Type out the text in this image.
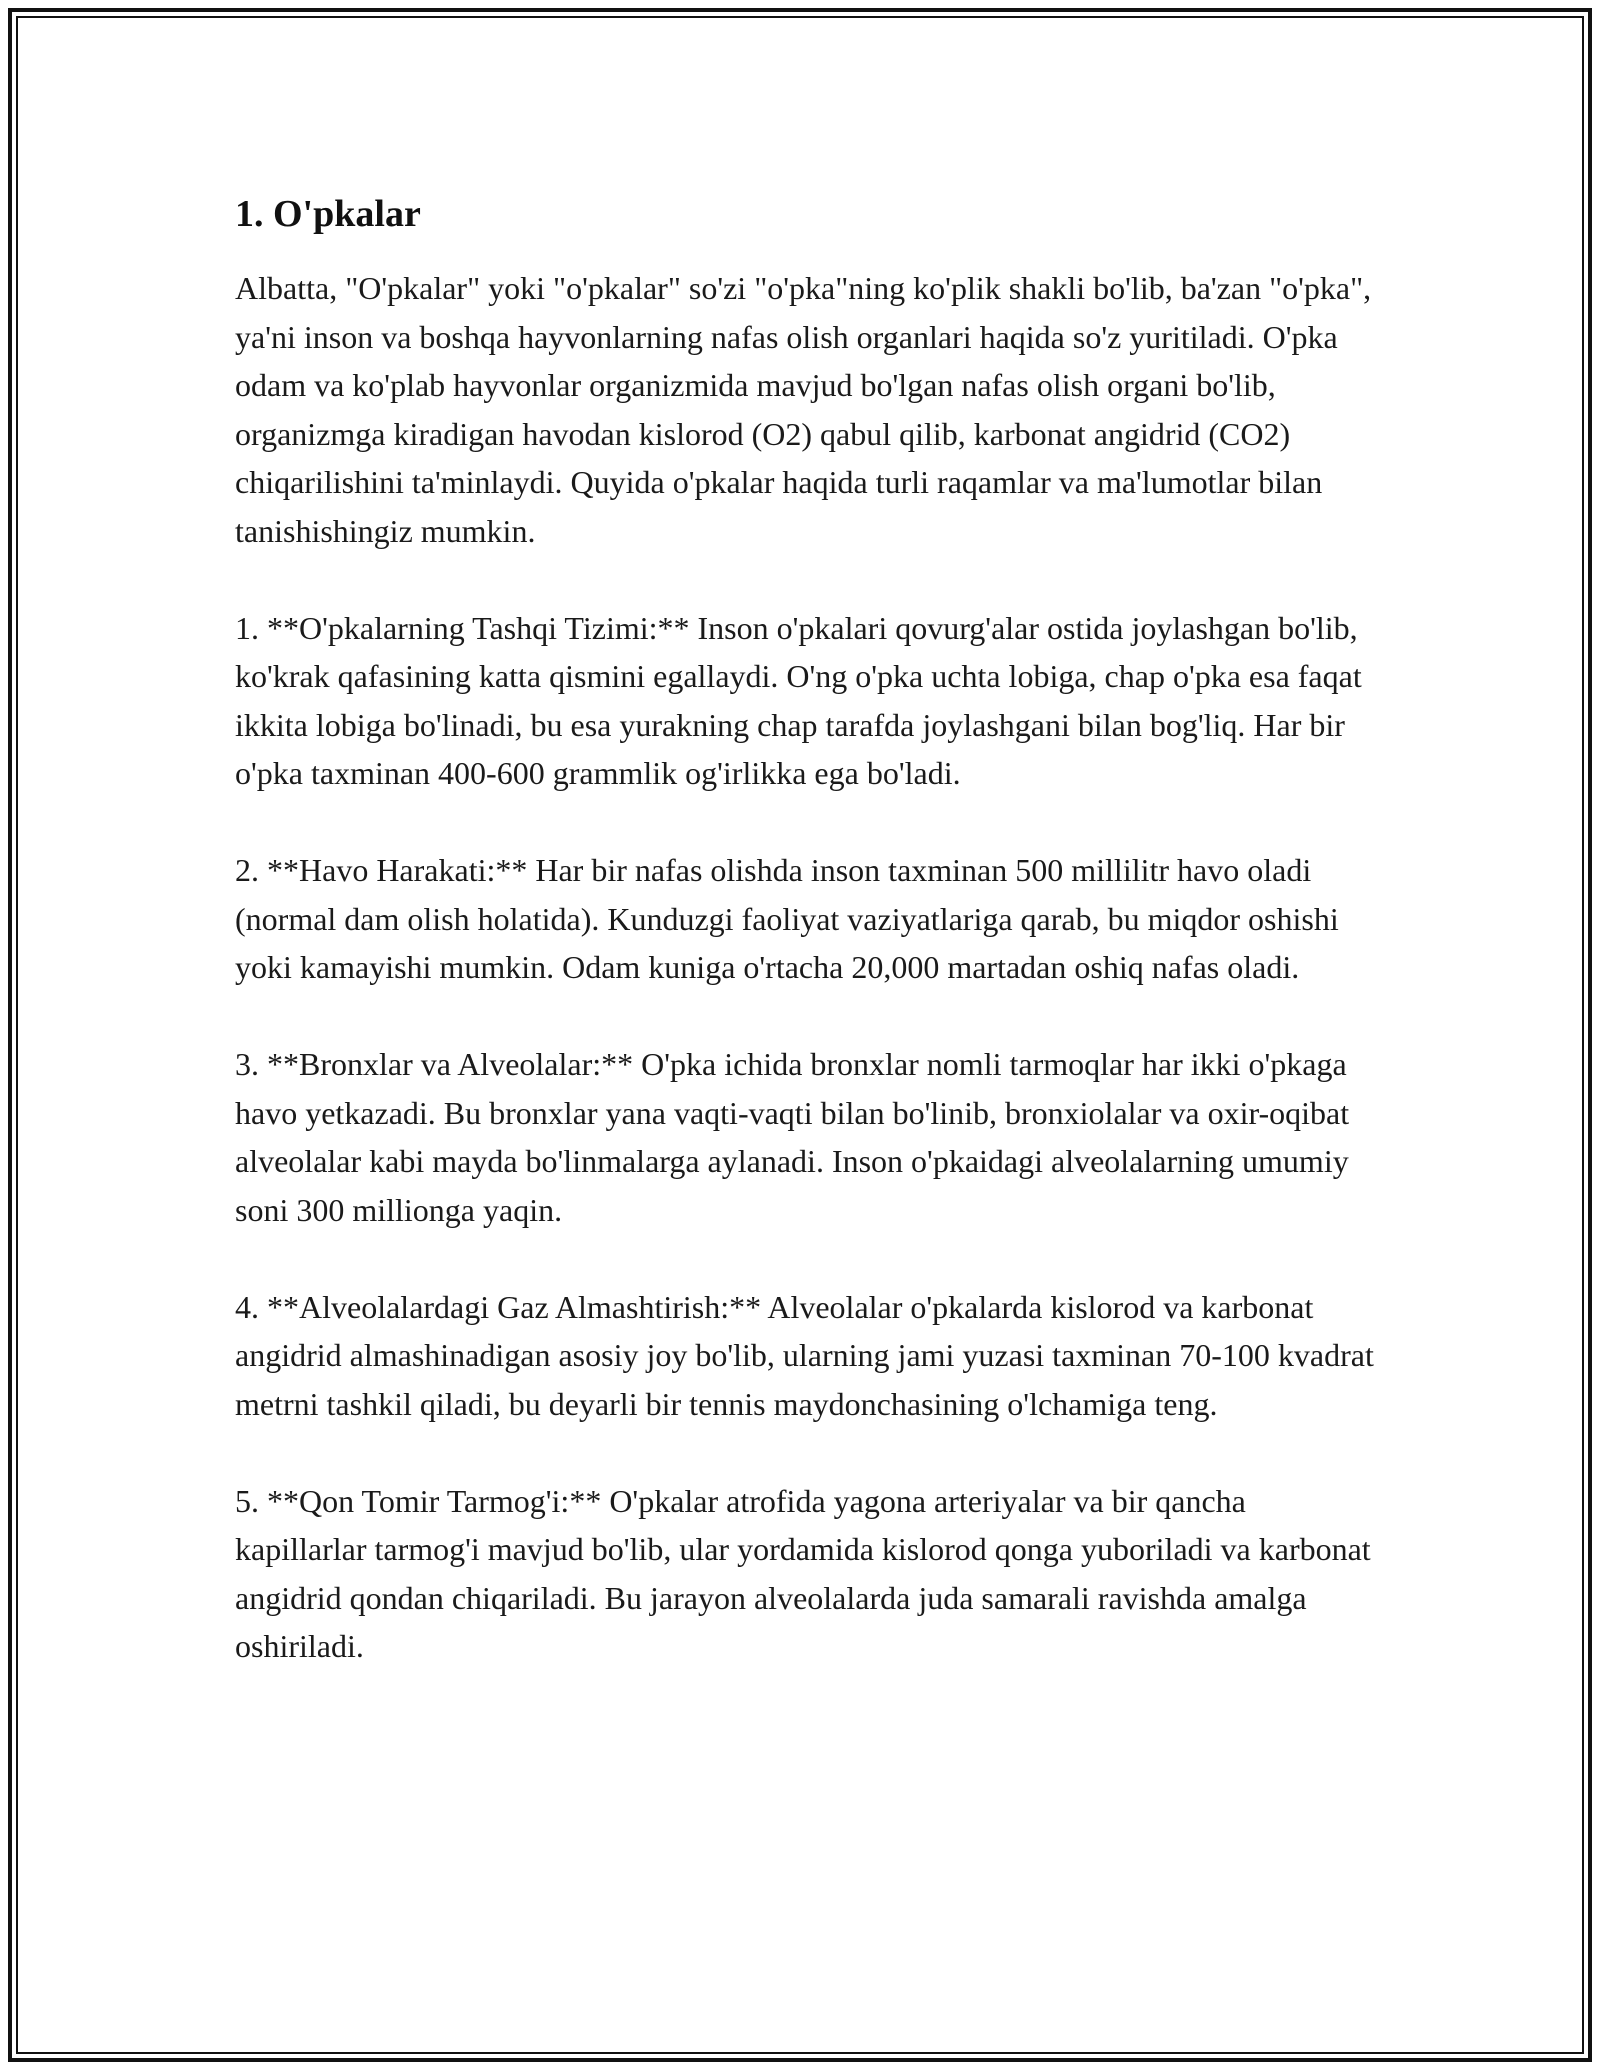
1. O'pkalar

Albatta, "O'pkalar" yoki "o'pkalar" so'zi "o'pka"ning ko'plik shakli bo'lib, ba'zan "o'pka", ya'ni inson va boshqa hayvonlarning nafas olish organlari haqida so'z yuritiladi. O'pka odam va ko'plab hayvonlar organizmida mavjud bo'lgan nafas olish organi bo'lib, organizmga kiradigan havodan kislorod (O2) qabul qilib, karbonat angidrid (CO2) chiqarilishini ta'minlaydi. Quyida o'pkalar haqida turli raqamlar va ma'lumotlar bilan tanishishingiz mumkin.

1. **O'pkalarning Tashqi Tizimi:** Inson o'pkalari qovurg'alar ostida joylashgan bo'lib, ko'krak qafasining katta qismini egallaydi. O'ng o'pka uchta lobiga, chap o'pka esa faqat ikkita lobiga bo'linadi, bu esa yurakning chap tarafda joylashgani bilan bog'liq. Har bir o'pka taxminan 400-600 grammlik og'irlikka ega bo'ladi.

2. **Havo Harakati:** Har bir nafas olishda inson taxminan 500 millilitr havo oladi (normal dam olish holatida). Kunduzgi faoliyat vaziyatlariga qarab, bu miqdor oshishi yoki kamayishi mumkin. Odam kuniga o'rtacha 20,000 martadan oshiq nafas oladi.

3. **Bronxlar va Alveolalar:** O'pka ichida bronxlar nomli tarmoqlar har ikki o'pkaga havo yetkazadi. Bu bronxlar yana vaqti-vaqti bilan bo'linib, bronxiolalar va oxir-oqibat alveolalar kabi mayda bo'linmalarga aylanadi. Inson o'pkaidagi alveolalarning umumiy soni 300 millionga yaqin.

4. **Alveolalardagi Gaz Almashtirish:** Alveolalar o'pkalarda kislorod va karbonat angidrid almashinadigan asosiy joy bo'lib, ularning jami yuzasi taxminan 70-100 kvadrat metrni tashkil qiladi, bu deyarli bir tennis maydonchasining o'lchamiga teng.

5. **Qon Tomir Tarmog'i:** O'pkalar atrofida yagona arteriyalar va bir qancha kapillarlar tarmog'i mavjud bo'lib, ular yordamida kislorod qonga yuboriladi va karbonat angidrid qondan chiqariladi. Bu jarayon alveolalarda juda samarali ravishda amalga oshiriladi.
